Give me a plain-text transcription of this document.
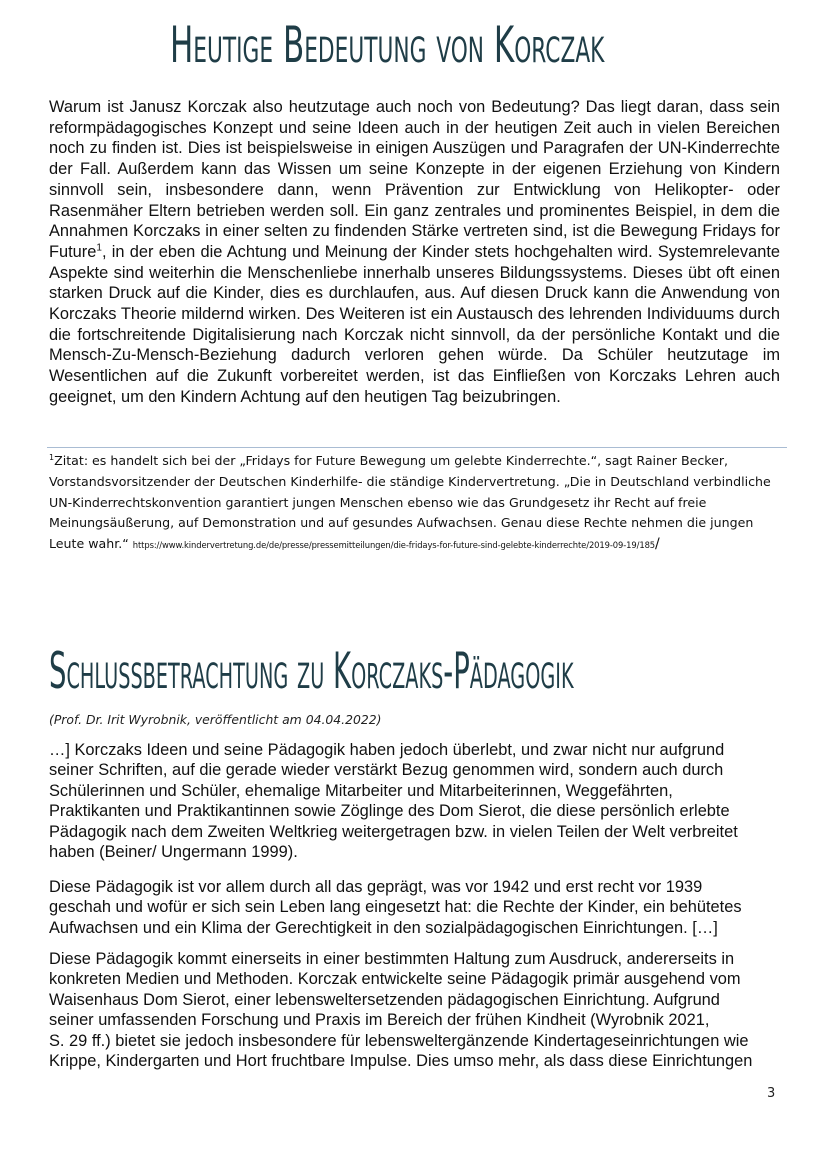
Heutige Bedeutung von Korczak

Warum ist Janusz Korczak also heutzutage auch noch von Bedeutung? Das liegt daran, dass sein reformpädagogisches Konzept und seine Ideen auch in der heutigen Zeit auch in vielen Bereichen noch zu finden ist. Dies ist beispielsweise in einigen Auszügen und Paragrafen der UN-Kinderrechte der Fall. Außerdem kann das Wissen um seine Konzepte in der eigenen Erziehung von Kindern sinnvoll sein, insbesondere dann, wenn Prävention zur Entwicklung von Helikopter- oder Rasenmäher Eltern betrieben werden soll. Ein ganz zentrales und prominentes Beispiel, in dem die Annahmen Korczaks in einer selten zu findenden Stärke vertreten sind, ist die Bewegung Fridays for Future$^1$, in der eben die Achtung und Meinung der Kinder stets hochgehalten wird. Systemrelevante Aspekte sind weiterhin die Menschenliebe innerhalb unseres Bildungssystems. Dieses übt oft einen starken Druck auf die Kinder, dies es durchlaufen, aus. Auf diesen Druck kann die Anwendung von Korczaks Theorie mildernd wirken. Des Weiteren ist ein Austausch des lehrenden Individuums durch die fortschreitende Digitalisierung nach Korczak nicht sinnvoll, da der persönliche Kontakt und die Mensch-Zu-Mensch-Beziehung dadurch verloren gehen würde. Da Schüler heutzutage im Wesentlichen auf die Zukunft vorbereitet werden, ist das Einfließen von Korczaks Lehren auch geeignet, um den Kindern Achtung auf den heutigen Tag beizubringen.

$^1$Zitat: es handelt sich bei der „Fridays for Future Bewegung um gelebte Kinderrechte.“, sagt Rainer Becker, Vorstandsvorsitzender der Deutschen Kinderhilfe- die ständige Kindervertretung. „Die in Deutschland verbindliche UN-Kinderrechtskonvention garantiert jungen Menschen ebenso wie das Grundgesetz ihr Recht auf freie Meinungsäußerung, auf Demonstration und auf gesundes Aufwachsen. Genau diese Rechte nehmen die jungen Leute wahr.“ https://www.kindervertretung.de/de/presse/pressemitteilungen/die-fridays-for-future-sind-gelebte-kinderrechte/2019-09-19/185/

Schlussbetrachtung zu Korczaks-Pädagogik

(Prof. Dr. Irit Wyrobnik, veröffentlicht am 04.04.2022)

…] Korczaks Ideen und seine Pädagogik haben jedoch überlebt, und zwar nicht nur aufgrund
seiner Schriften, auf die gerade wieder verstärkt Bezug genommen wird, sondern auch durch
Schülerinnen und Schüler, ehemalige Mitarbeiter und Mitarbeiterinnen, Weggefährten,
Praktikanten und Praktikantinnen sowie Zöglinge des Dom Sierot, die diese persönlich erlebte
Pädagogik nach dem Zweiten Weltkrieg weitergetragen bzw. in vielen Teilen der Welt verbreitet
haben (Beiner/ Ungermann 1999).

Diese Pädagogik ist vor allem durch all das geprägt, was vor 1942 und erst recht vor 1939
geschah und wofür er sich sein Leben lang eingesetzt hat: die Rechte der Kinder, ein behütetes
Aufwachsen und ein Klima der Gerechtigkeit in den sozialpädagogischen Einrichtungen. […]

Diese Pädagogik kommt einerseits in einer bestimmten Haltung zum Ausdruck, andererseits in
konkreten Medien und Methoden. Korczak entwickelte seine Pädagogik primär ausgehend vom
Waisenhaus Dom Sierot, einer lebensweltersetzenden pädagogischen Einrichtung. Aufgrund
seiner umfassenden Forschung und Praxis im Bereich der frühen Kindheit (Wyrobnik 2021,
S. 29 ff.) bietet sie jedoch insbesondere für lebensweltergänzende Kindertageseinrichtungen wie
Krippe, Kindergarten und Hort fruchtbare Impulse. Dies umso mehr, als dass diese Einrichtungen

3
